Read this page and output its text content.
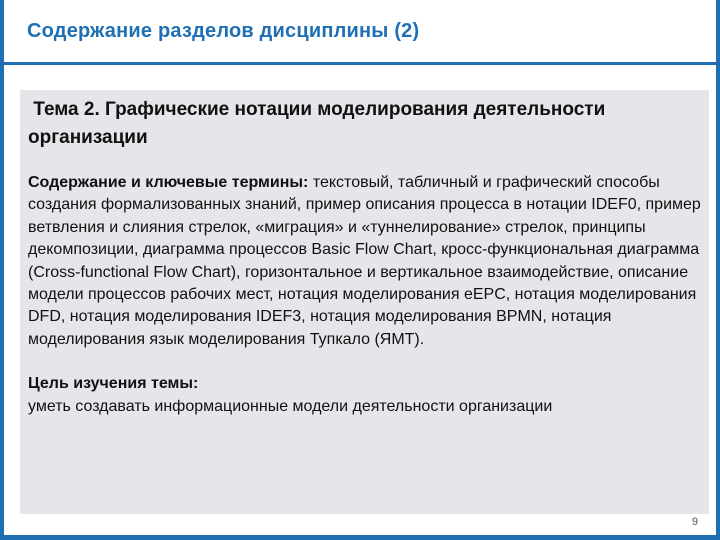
Содержание разделов дисциплины (2)

Тема 2. Графические нотации моделирования деятельности организации

Содержание и ключевые термины: текстовый, табличный и графический способы создания формализованных знаний, пример описания процесса в нотации IDEF0, пример ветвления и слияния стрелок, «миграция» и «туннелирование» стрелок, принципы декомпозиции, диаграмма процессов Basic Flow Chart, кросс-функциональная диаграмма (Cross-functional Flow Chart), горизонтальное и вертикальное взаимодействие, описание модели процессов рабочих мест, нотация моделирования eEPC, нотация моделирования DFD, нотация моделирования IDEF3, нотация моделирования BPMN, нотация моделирования язык моделирования Тупкало (ЯМТ).

Цель изучения темы:

уметь создавать информационные модели деятельности организации

9
